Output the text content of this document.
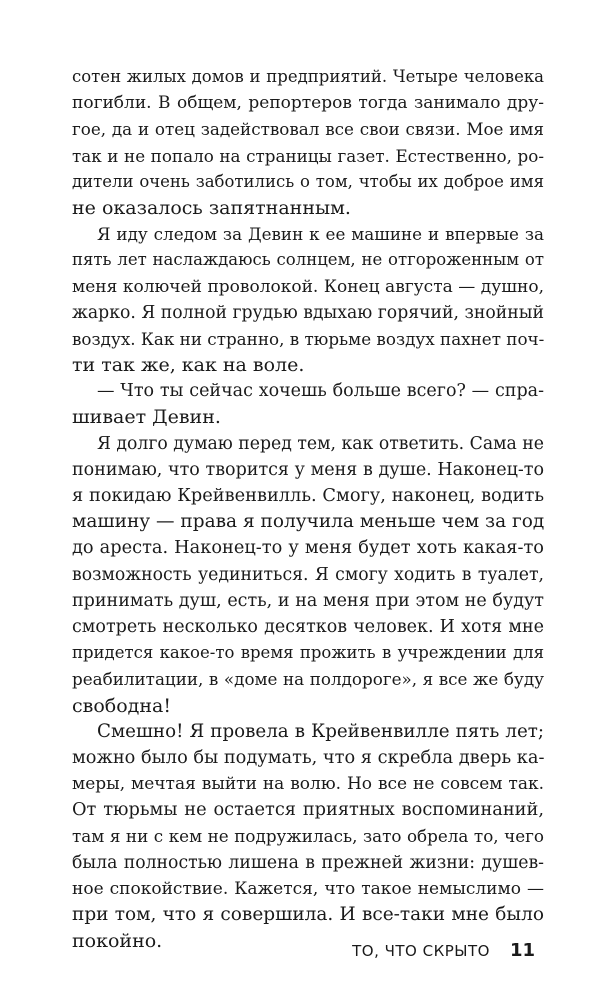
сотен жилых домов и предприятий. Четыре человека
погибли. В общем, репортеров тогда занимало дру-
гое, да и отец задействовал все свои связи. Мое имя
так и не попало на страницы газет. Естественно, ро-
дители очень заботились о том, чтобы их доброе имя
не оказалось запятнанным.
Я иду следом за Девин к ее машине и впервые за
пять лет наслаждаюсь солнцем, не отгороженным от
меня колючей проволокой. Конец августа — душно,
жарко. Я полной грудью вдыхаю горячий, знойный
воздух. Как ни странно, в тюрьме воздух пахнет поч-
ти так же, как на воле.
— Что ты сейчас хочешь больше всего? — спра-
шивает Девин.
Я долго думаю перед тем, как ответить. Сама не
понимаю, что творится у меня в душе. Наконец-то
я покидаю Крейвенвилль. Смогу, наконец, водить
машину — права я получила меньше чем за год
до ареста. Наконец-то у меня будет хоть какая-то
возможность уединиться. Я смогу ходить в туалет,
принимать душ, есть, и на меня при этом не будут
смотреть несколько десятков человек. И хотя мне
придется какое-то время прожить в учреждении для
реабилитации, в «доме на полдороге», я все же буду
свободна!
Смешно! Я провела в Крейвенвилле пять лет;
можно было бы подумать, что я скребла дверь ка-
меры, мечтая выйти на волю. Но все не совсем так.
От тюрьмы не остается приятных воспоминаний,
там я ни с кем не подружилась, зато обрела то, чего
была полностью лишена в прежней жизни: душев-
ное спокойствие. Кажется, что такое немыслимо —
при том, что я совершила. И все-таки мне было
покойно.	ТО, ЧТО СКРЫТО 11
